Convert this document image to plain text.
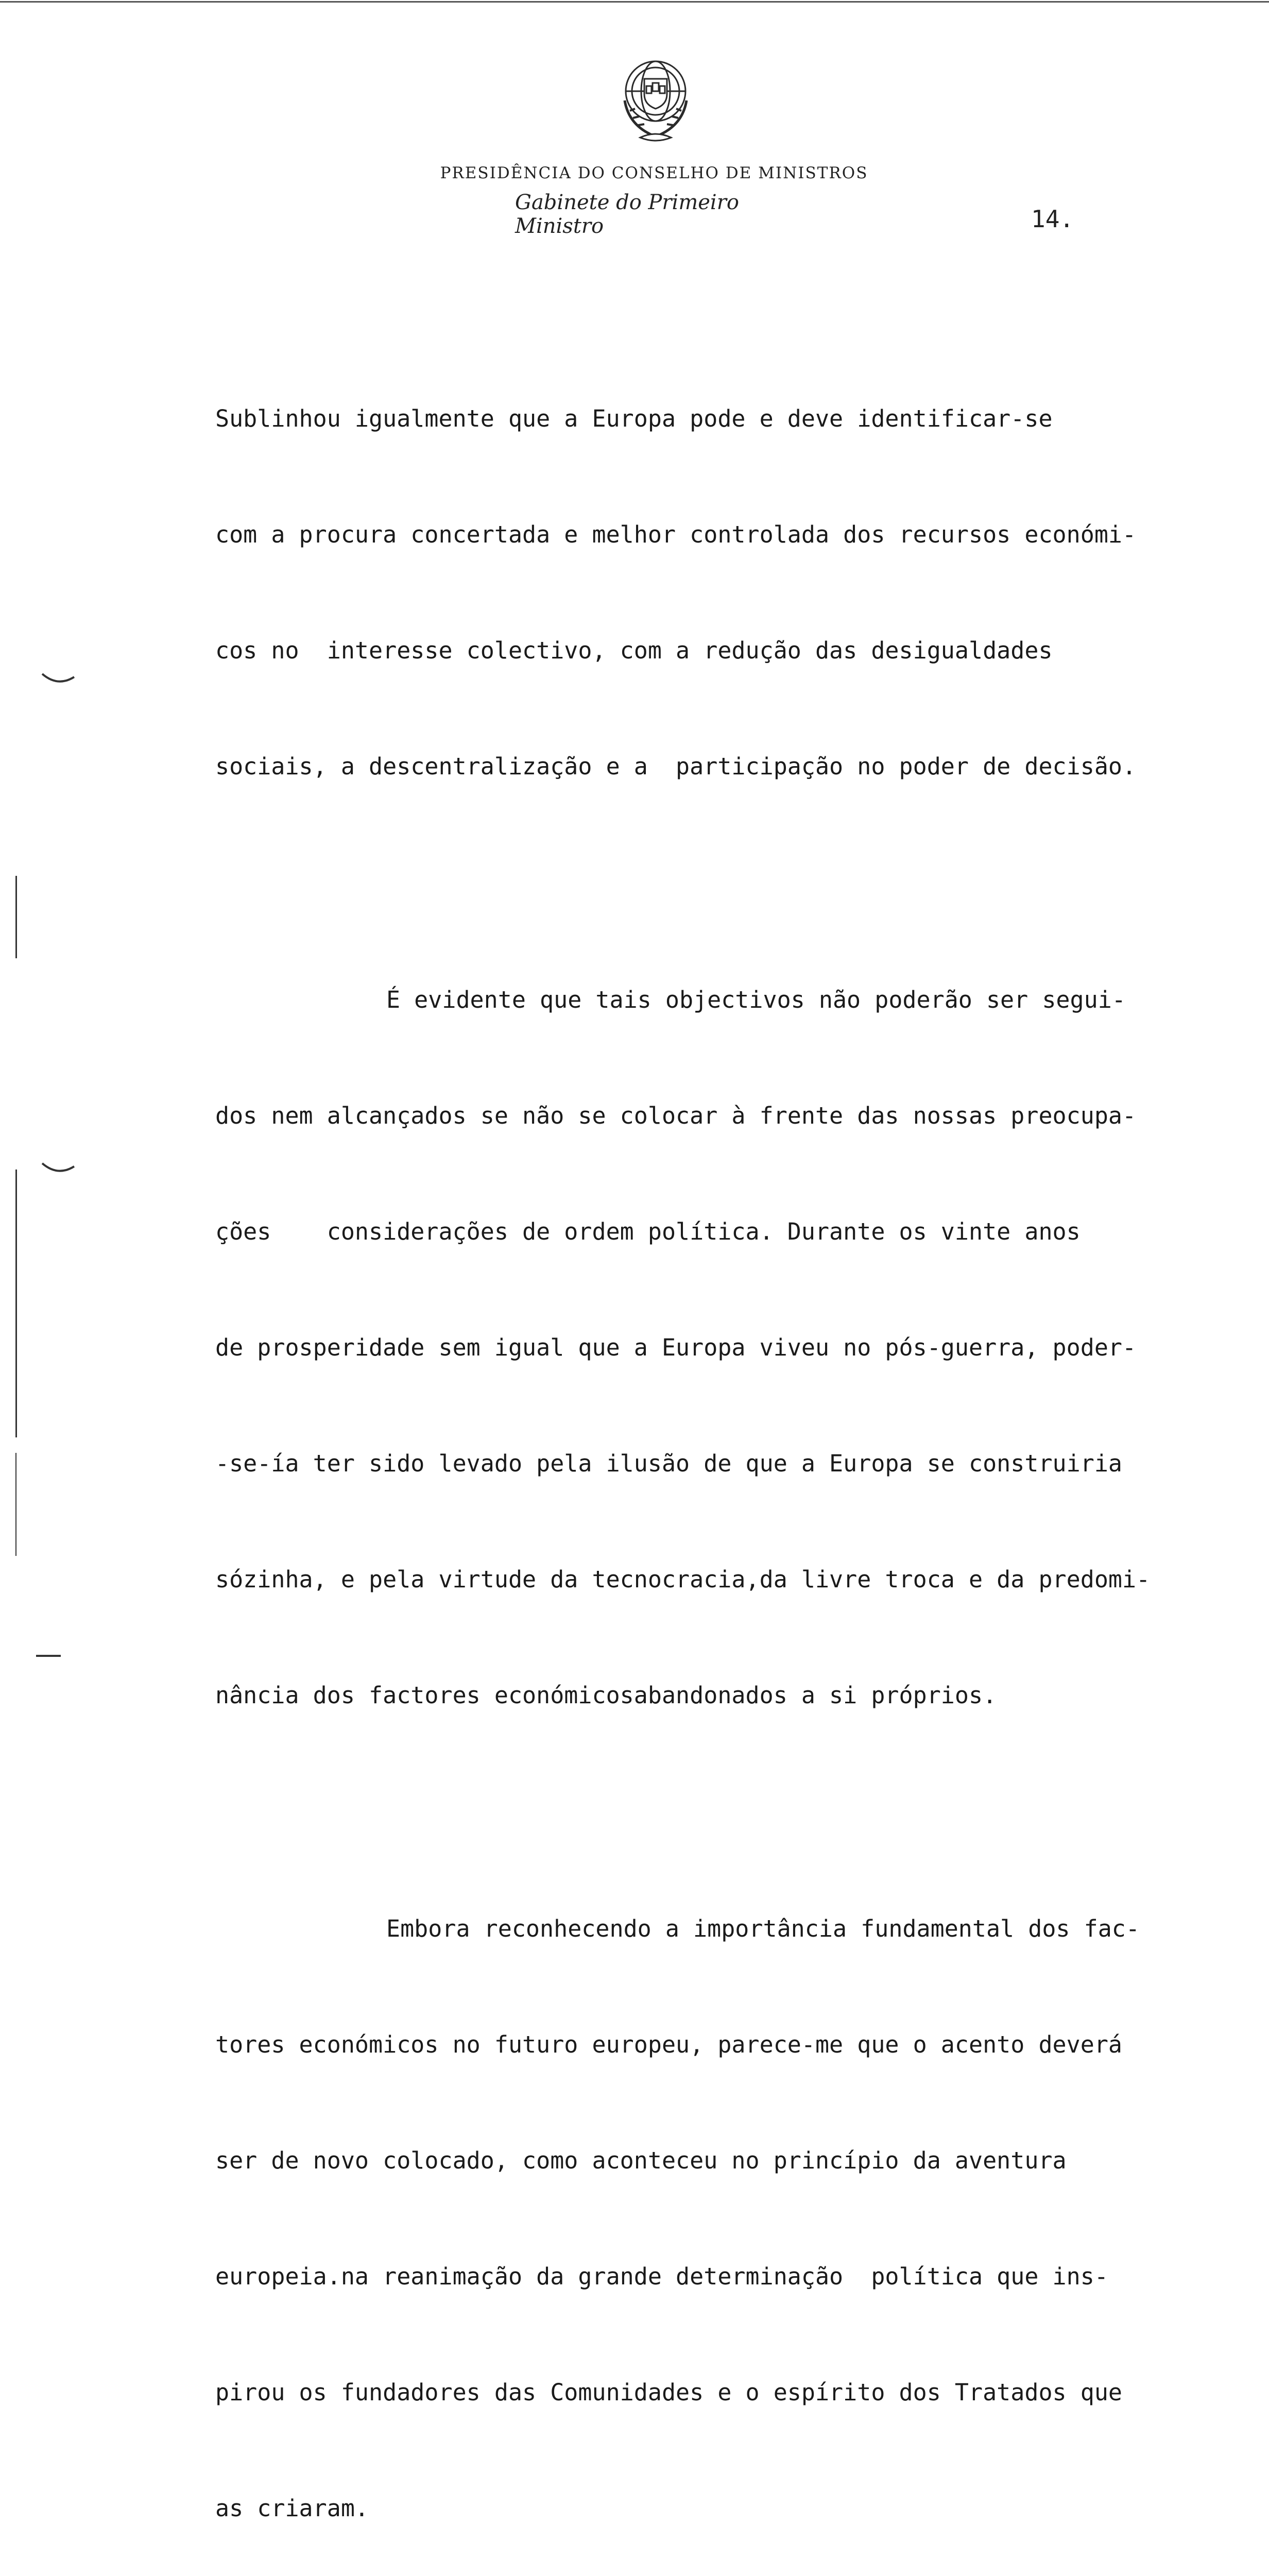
PRESIDÊNCIA DO CONSELHO DE MINISTROS
Gabinete do Primeiro Ministro	14.

Sublinhou igualmente que a Europa pode e deve identificar-se

com a procura concertada e melhor controlada dos recursos económi-

cos no  interesse colectivo, com a redução das desigualdades

sociais, a descentralização e a  participação no poder de decisão.

É evidente que tais objectivos não poderão ser segui-

dos nem alcançados se não se colocar à frente das nossas preocupa-

ções    considerações de ordem política. Durante os vinte anos

de prosperidade sem igual que a Europa viveu no pós-guerra, poder-

-se-ía ter sido levado pela ilusão de que a Europa se construiria

sózinha, e pela virtude da tecnocracia,da livre troca e da predomi-

nância dos factores económicosabandonados a si próprios.

Embora reconhecendo a importância fundamental dos fac-

tores económicos no futuro europeu, parece-me que o acento deverá

ser de novo colocado, como aconteceu no princípio da aventura

europeia.na reanimação da grande determinação  política que ins-

pirou os fundadores das Comunidades e o espírito dos Tratados que

as criaram.
